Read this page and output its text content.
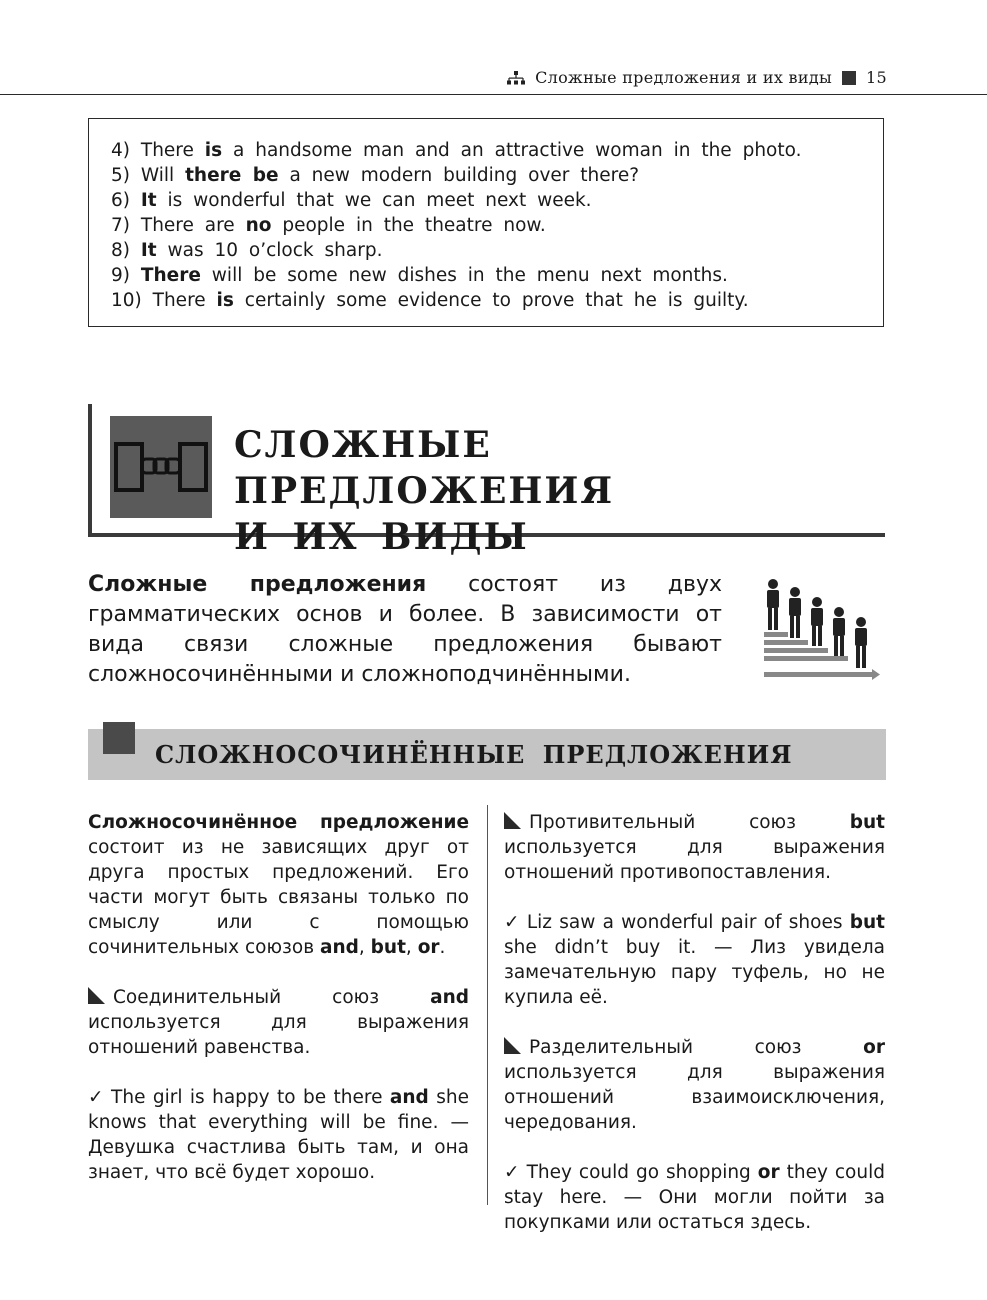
Сложные предложения и их виды 15
4) There is a handsome man and an attractive woman in the photo.
5) Will there be a new modern building over there?
6) It is wonderful that we can meet next week.
7) There are no people in the theatre now.
8) It was 10 o’clock sharp.
9) There will be some new dishes in the menu next months.
10) There is certainly some evidence to prove that he is guilty.
СЛОЖНЫЕ ПРЕДЛОЖЕНИЯ
И ИХ ВИДЫ
Сложные предложения состоят из двух грамматических основ и более. В зависимости от вида связи сложные предложения бывают сложносочинёнными и сложноподчинёнными.
СЛОЖНОСОЧИНЁННЫЕ ПРЕДЛОЖЕНИЯ

Сложносочинённое предложение состоит из не зависящих друг от друга простых предложений. Его части могут быть связаны только по смыслу или с помощью сочинительных союзов and, but, or.

Соединительный союз and используется для выражения отношений равенства.

✓ The girl is happy to be there and she knows that everything will be fine. — Девушка счастлива быть там, и она знает, что всё будет хорошо.

Противительный союз but используется для выражения отношений противопоставления.

✓ Liz saw a wonderful pair of shoes but she didn’t buy it. — Лиз увидела замечательную пару туфель, но не купила её.

Разделительный союз or используется для выражения отношений взаимоисключения, чередования.

✓ They could go shopping or they could stay here. — Они могли пойти за покупками или остаться здесь.
